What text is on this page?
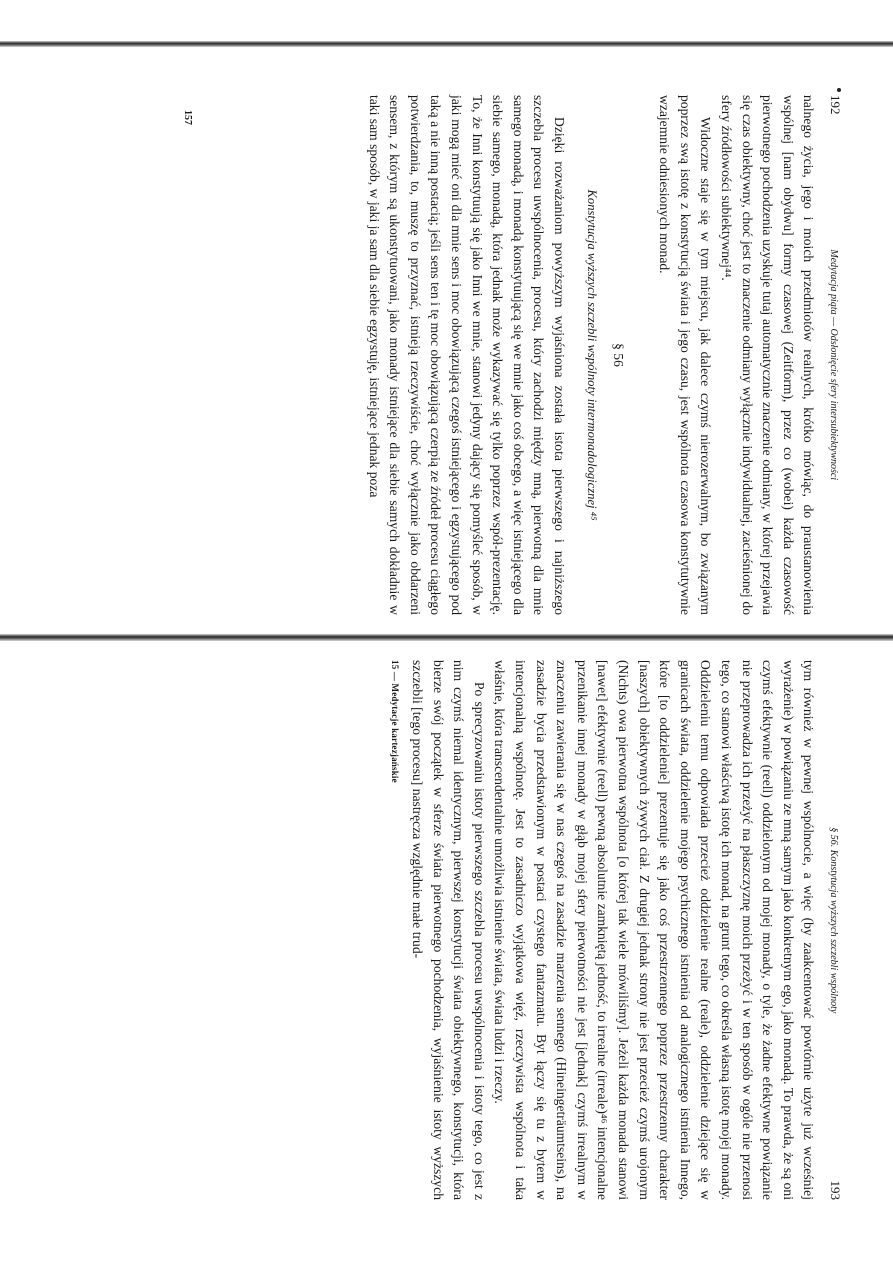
192
Medytacja piąta — Odsłonięcie sfery intersubiektywności

nalnego życia, jego i moich przedmiotów realnych, krótko mówiąc, do praustanowienia wspólnej [nam obydwu] formy czasowej (Zeitform), przez co (wobei) każda czasowość pierwotnego pochodzenia uzyskuje tutaj automatycznie znaczenie odmiany, w której przejawia się czas obiektywny, choć jest to znaczenie odmiany wyłącznie indywidualnej, zacieśnionej do sfery źródłowości subiektywnej⁴⁴.

Widoczne staje się w tym miejscu, jak dalece czymś nierozerwalnym, bo związanym poprzez swą istotę z konstytucją świata i jego czasu, jest wspólnota czasowa konstytutywnie wzajemnie odniesionych monad.

§ 56
Konstytucja wyższych szczebli wspólnoty intermonadologicznej ⁴⁵

Dzięki rozważaniom powyższym wyjaśniona została istota pierwszego i najniższego szczebla procesu uwspólnocenia, procesu, który zachodzi między mną, pierwotną dla mnie samego monadą, i monadą konstytuującą się we mnie jako coś obcego, a więc istniejącego dla siebie samego, monadą, która jednak może wykazywać się tylko poprzez współ-prezentację. To, że Inni konstytuują się jako Inni we mnie, stanowi jedyny dający się pomyśleć sposób, w jaki mogą mieć oni dla mnie sens i moc obowiązującą czegoś istniejącego i egzystującego pod taką a nie inną postacią; jeśli sens ten i tę moc obowiązującą czerpią ze źródeł procesu ciągłego potwierdzania, to, muszę to przyznać, istnieją rzeczywiście, choć wyłącznie jako obdarzeni sensem, z którym są ukonstytuowani, jako monady istniejące dla siebie samych dokładnie w taki sam sposób, w jaki ja sam dla siebie egzystuję, istniejące jednak poza

157
§ 56. Konstytucja wyższych szczebli wspólnoty
193

tym również w pewnej wspólnocie, a więc (by zaakcentować powtórnie użyte już wcześniej wyrażenie) w powiązaniu ze mną samym jako konkretnym ego, jako monadą. To prawda, że są oni czymś efektywnie (reell) oddzielonym od mojej monady, o tyle, że żadne efektywne powiązanie nie przeprowadza ich przeżyć na płaszczyznę moich przeżyć i w ten sposób w ogóle nie przenosi tego, co stanowi właściwą istotę ich monad, na grunt tego, co określa własną istotę mojej monady. Oddzieleniu temu odpowiada przecież oddzielenie realne (reale), oddzielenie dziejące się w granicach świata, oddzielenie mojego psychicznego istnienia od analogicznego istnienia Innego, które [to oddzielenie] prezentuje się jako coś przestrzennego poprzez przestrzenny charakter [naszych] obiektywnych żywych ciał. Z drugiej jednak strony nie jest przecież czymś urojonym (Nichts) owa pierwotna wspólnota [o której tak wiele mówiliśmy]. Jeżeli każda monada stanowi [nawet] efektywnie (reell) pewną absolutnie zamkniętą jedność, to irrealne (irreale)⁴⁶ intencjonalne przenikanie innej monady w głąb mojej sfery pierwotności nie jest [jednak] czymś irrealnym w znaczeniu zawierania się w nas czegoś na zasadzie marzenia sennego (Hineingeträumtseins), na zasadzie bycia przedstawionym w postaci czystego fantazmatu. Byt łączy się tu z bytem w intencjonalną wspólnotę. Jest to zasadniczo wyjątkowa więź, rzeczywista wspólnota i taka właśnie, która transcendentalnie umożliwia istnienie świata, świata ludzi i rzeczy.

Po sprecyzowaniu istoty pierwszego szczebla procesu uwspólnocenia i istoty tego, co jest z nim czymś niemal identycznym, pierwszej konstytucji świata obiektywnego, konstytucji, która bierze swój początek w sferze świata pierwotnego pochodzenia, wyjaśnienie istoty wyższych szczebli [tego procesu] nastręcza względnie małe trud-

15 — Medytacje kartezjańskie
